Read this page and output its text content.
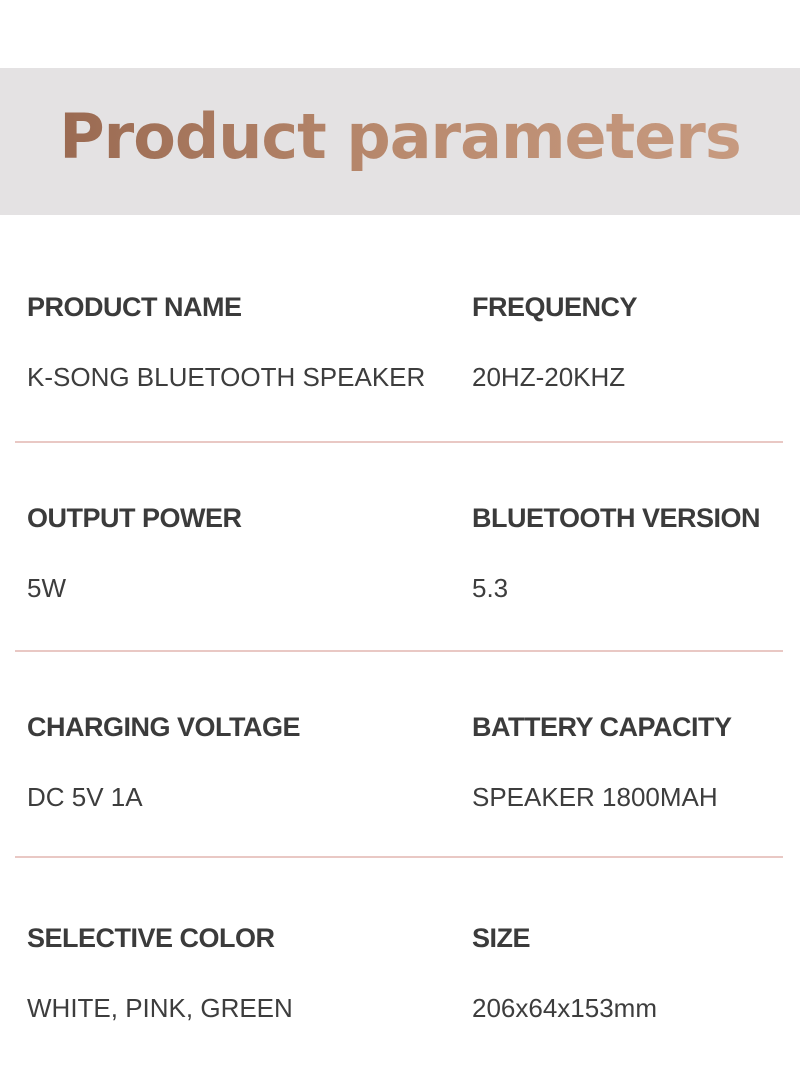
Product parameters
PRODUCT NAME
K-SONG BLUETOOTH SPEAKER
FREQUENCY
20HZ-20KHZ
OUTPUT POWER
5W
BLUETOOTH VERSION
5.3
CHARGING VOLTAGE
DC 5V 1A
BATTERY CAPACITY
SPEAKER 1800MAH
SELECTIVE COLOR
WHITE, PINK, GREEN
SIZE
206x64x153mm
